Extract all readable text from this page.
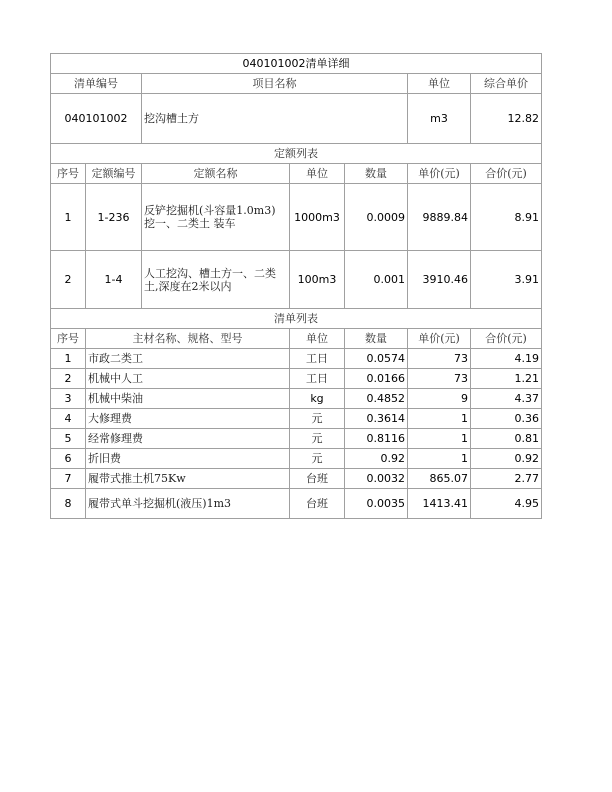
040101002清单详细						
清单编号		项目名称			单位	综合单价
040101002		挖沟槽土方			m3	12.82
定额列表						
序号	定额编号	定额名称	单位	数量	单价(元)	合价(元)
1	1-236	反铲挖掘机(斗容量1.0m3) 挖一、二类土 装车	1000m3	0.0009	9889.84	8.91
2	1-4	人工挖沟、槽土方一、二类土,深度在2米以内	100m3	0.001	3910.46	3.91
清单列表						
序号	主材名称、规格、型号		单位	数量	单价(元)	合价(元)
1	市政二类工		工日	0.0574	73	4.19
2	机械中人工		工日	0.0166	73	1.21
3	机械中柴油		kg	0.4852	9	4.37
4	大修理费		元	0.3614	1	0.36
5	经常修理费		元	0.8116	1	0.81
6	折旧费		元	0.92	1	0.92
7	履带式推土机75Kw		台班	0.0032	865.07	2.77
8	履带式单斗挖掘机(液压)1m3		台班	0.0035	1413.41	4.95
